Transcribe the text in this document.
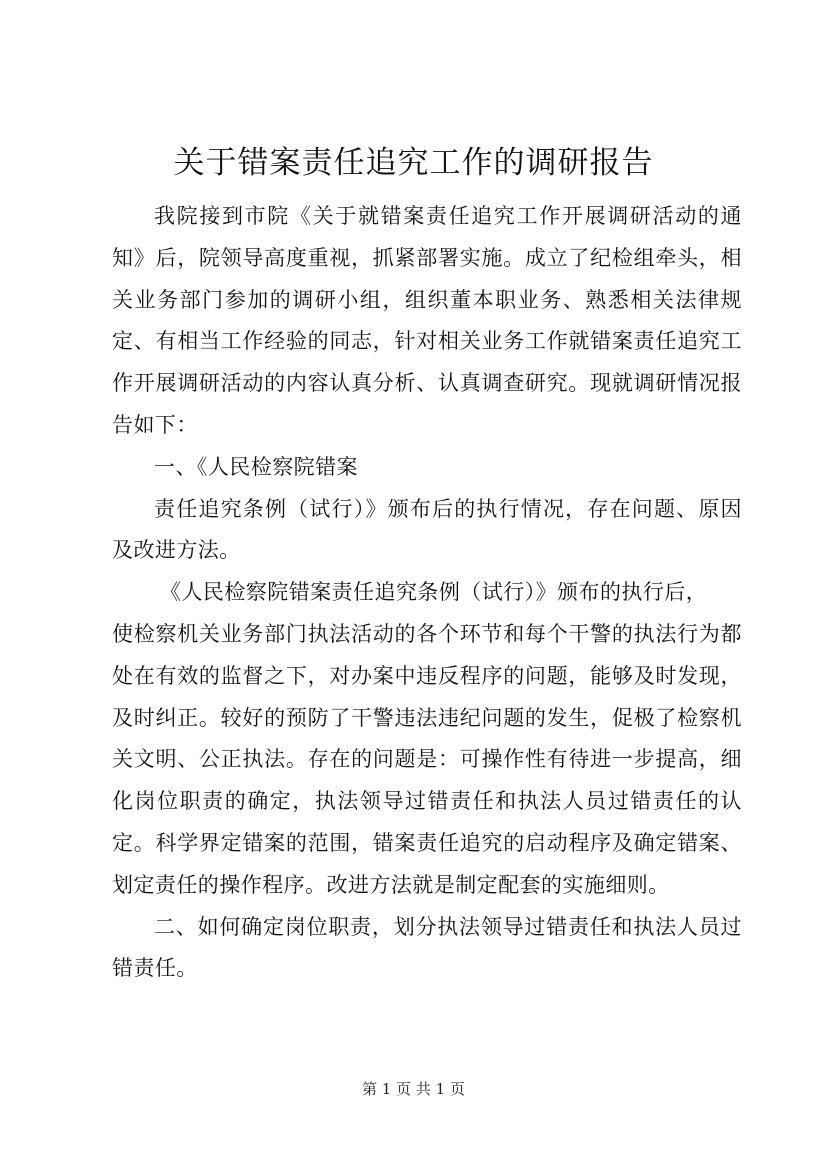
关于错案责任追究工作的调研报告

我院接到市院《关于就错案责任追究工作开展调研活动的通知》后，院领导高度重视，抓紧部署实施。成立了纪检组牵头，相关业务部门参加的调研小组，组织董本职业务、熟悉相关法律规定、有相当工作经验的同志，针对相关业务工作就错案责任追究工作开展调研活动的内容认真分析、认真调查研究。现就调研情况报告如下：

一、《人民检察院错案

责任追究条例（试行）》颁布后的执行情况，存在问题、原因及改进方法。

《人民检察院错案责任追究条例（试行）》颁布的执行后，

使检察机关业务部门执法活动的各个环节和每个干警的执法行为都处在有效的监督之下，对办案中违反程序的问题，能够及时发现，及时纠正。较好的预防了干警违法违纪问题的发生，促极了检察机关文明、公正执法。存在的问题是：可操作性有待进一步提高，细化岗位职责的确定，执法领导过错责任和执法人员过错责任的认定。科学界定错案的范围，错案责任追究的启动程序及确定错案、划定责任的操作程序。改进方法就是制定配套的实施细则。

二、如何确定岗位职责，划分执法领导过错责任和执法人员过错责任。

第 1 页 共 1 页
